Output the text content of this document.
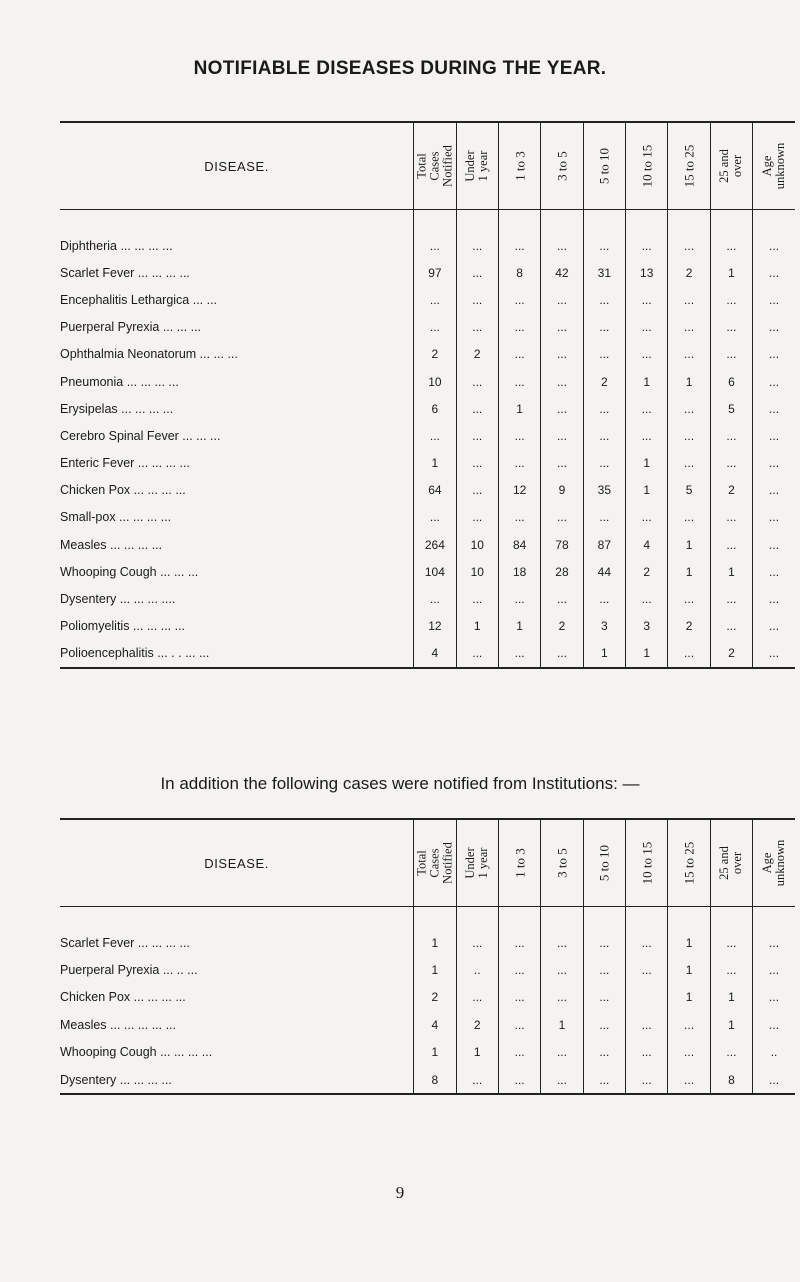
NOTIFIABLE DISEASES DURING THE YEAR.
DISEASE.	Total
Cases
Notified	Under
1 year	1 to 3	3 to 5	5 to 10	10 to 15	15 to 25	25 and
over	Age
unknown

Diphtheria ... ... ... ...	...	...	...	...	...	...	...	...	...
Scarlet Fever ... ... ... ...	97	...	8	42	31	13	2	1	...
Encephalitis Lethargica ... ...	...	...	...	...	...	...	...	...	...
Puerperal Pyrexia ... ... ...	...	...	...	...	...	...	...	...	...
Ophthalmia Neonatorum ... ... ...	2	2	...	...	...	...	...	...	...
Pneumonia ... ... ... ...	10	...	...	...	2	1	1	6	...
Erysipelas ... ... ... ...	6	...	1	...	...	...	...	5	...
Cerebro Spinal Fever ... ... ...	...	...	...	...	...	...	...	...	...
Enteric Fever ... ... ... ...	1	...	...	...	...	1	...	...	...
Chicken Pox ... ... ... ...	64	...	12	9	35	1	5	2	...
Small-pox ... ... ... ...	...	...	...	...	...	...	...	...	...
Measles ... ... ... ...	264	10	84	78	87	4	1	...	...
Whooping Cough ... ... ...	104	10	18	28	44	2	1	1	...
Dysentery ... ... ... ....	...	...	...	...	...	...	...	...	...
Poliomyelitis ... ... ... ...	12	1	1	2	3	3	2	...	...
Polioencephalitis ... . . ... ...	4	...	...	...	1	1	...	2	...
In addition the following cases were notified from Institutions: —
DISEASE.	Total
Cases
Notified	Under
1 year	1 to 3	3 to 5	5 to 10	10 to 15	15 to 25	25 and
over	Age
unknown

Scarlet Fever ... ... ... ...	1	...	...	...	...	...	1	...	...
Puerperal Pyrexia ... .. ...	1	..	...	...	...	...	1	...	...
Chicken Pox ... ... ... ...	2	...	...	...	...		1	1	...
Measles ... ... ... ... ...	4	2	...	1	...	...	...	1	...
Whooping Cough ... ... ... ...	1	1	...	...	...	...	...	...	..
Dysentery ... ... ... ...	8	...	...	...	...	...	...	8	...
9
